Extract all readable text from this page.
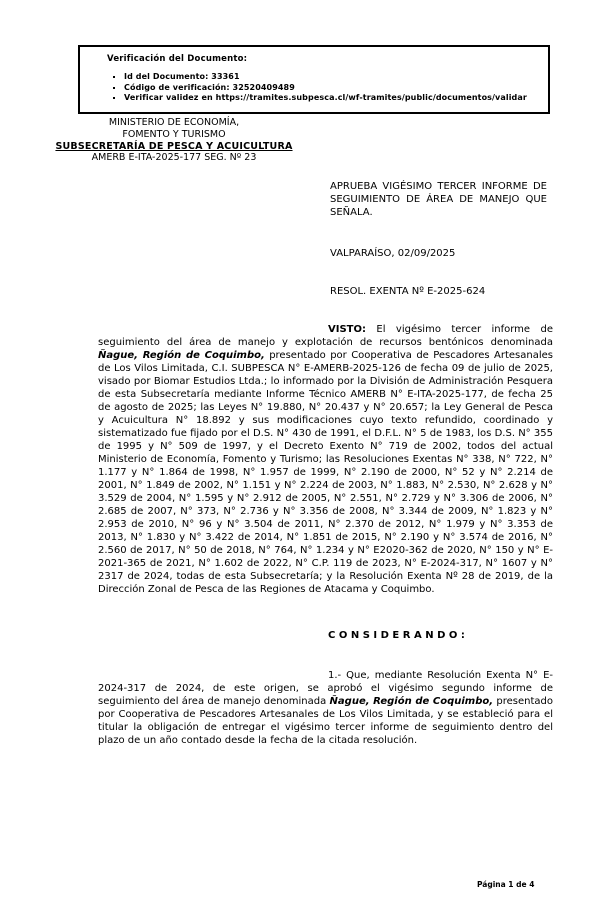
Verificación del Documento:
▪ Id del Documento: 33361
▪ Código de verificación: 32520409489
▪ Verificar validez en https://tramites.subpesca.cl/wf-tramites/public/documentos/validar
MINISTERIO DE ECONOMÍA,
FOMENTO Y TURISMO
SUBSECRETARÍA DE PESCA Y ACUICULTURA
AMERB E-ITA-2025-177 SEG. Nº 23

APRUEBA VIGÉSIMO TERCER INFORME DE SEGUIMIENTO DE ÁREA DE MANEJO QUE SEÑALA.

VALPARAÍSO, 02/09/2025

RESOL. EXENTA Nº E-2025-624

VISTO: El vigésimo tercer informe de seguimiento del área de manejo y explotación de recursos bentónicos denominada Ñague, Región de Coquimbo, presentado por Cooperativa de Pescadores Artesanales de Los Vilos Limitada, C.I. SUBPESCA N° E-AMERB-2025-126 de fecha 09 de julio de 2025, visado por Biomar Estudios Ltda.; lo informado por la División de Administración Pesquera de esta Subsecretaría mediante Informe Técnico AMERB N° E-ITA-2025-177, de fecha 25 de agosto de 2025; las Leyes N° 19.880, N° 20.437 y N° 20.657; la Ley General de Pesca y Acuicultura N° 18.892 y sus modificaciones cuyo texto refundido, coordinado y sistematizado fue fijado por el D.S. N° 430 de 1991, el D.F.L. N° 5 de 1983, los D.S. N° 355 de 1995 y N° 509 de 1997, y el Decreto Exento N° 719 de 2002, todos del actual Ministerio de Economía, Fomento y Turismo; las Resoluciones Exentas N° 338, N° 722, N° 1.177 y N° 1.864 de 1998, N° 1.957 de 1999, N° 2.190 de 2000, N° 52 y N° 2.214 de 2001, N° 1.849 de 2002, N° 1.151 y N° 2.224 de 2003, N° 1.883, N° 2.530, N° 2.628 y N° 3.529 de 2004, N° 1.595 y N° 2.912 de 2005, N° 2.551, N° 2.729 y N° 3.306 de 2006, N° 2.685 de 2007, N° 373, N° 2.736 y N° 3.356 de 2008, N° 3.344 de 2009, N° 1.823 y N° 2.953 de 2010, N° 96 y N° 3.504 de 2011, N° 2.370 de 2012, N° 1.979 y N° 3.353 de 2013, N° 1.830 y N° 3.422 de 2014, N° 1.851 de 2015, N° 2.190 y N° 3.574 de 2016, N° 2.560 de 2017, N° 50 de 2018, N° 764, N° 1.234 y N° E2020-362 de 2020, N° 150 y N° E-2021-365 de 2021, N° 1.602 de 2022, N° C.P. 119 de 2023, N° E-2024-317, N° 1607 y N° 2317 de 2024, todas de esta Subsecretaría; y la Resolución Exenta Nº 28 de 2019, de la Dirección Zonal de Pesca de las Regiones de Atacama y Coquimbo.

CONSIDERANDO:

1.- Que, mediante Resolución Exenta N° E-2024-317 de 2024, de este origen, se aprobó el vigésimo segundo informe de seguimiento del área de manejo denominada Ñague, Región de Coquimbo, presentado por Cooperativa de Pescadores Artesanales de Los Vilos Limitada, y se estableció para el titular la obligación de entregar el vigésimo tercer informe de seguimiento dentro del plazo de un año contado desde la fecha de la citada resolución.

Página 1 de 4
